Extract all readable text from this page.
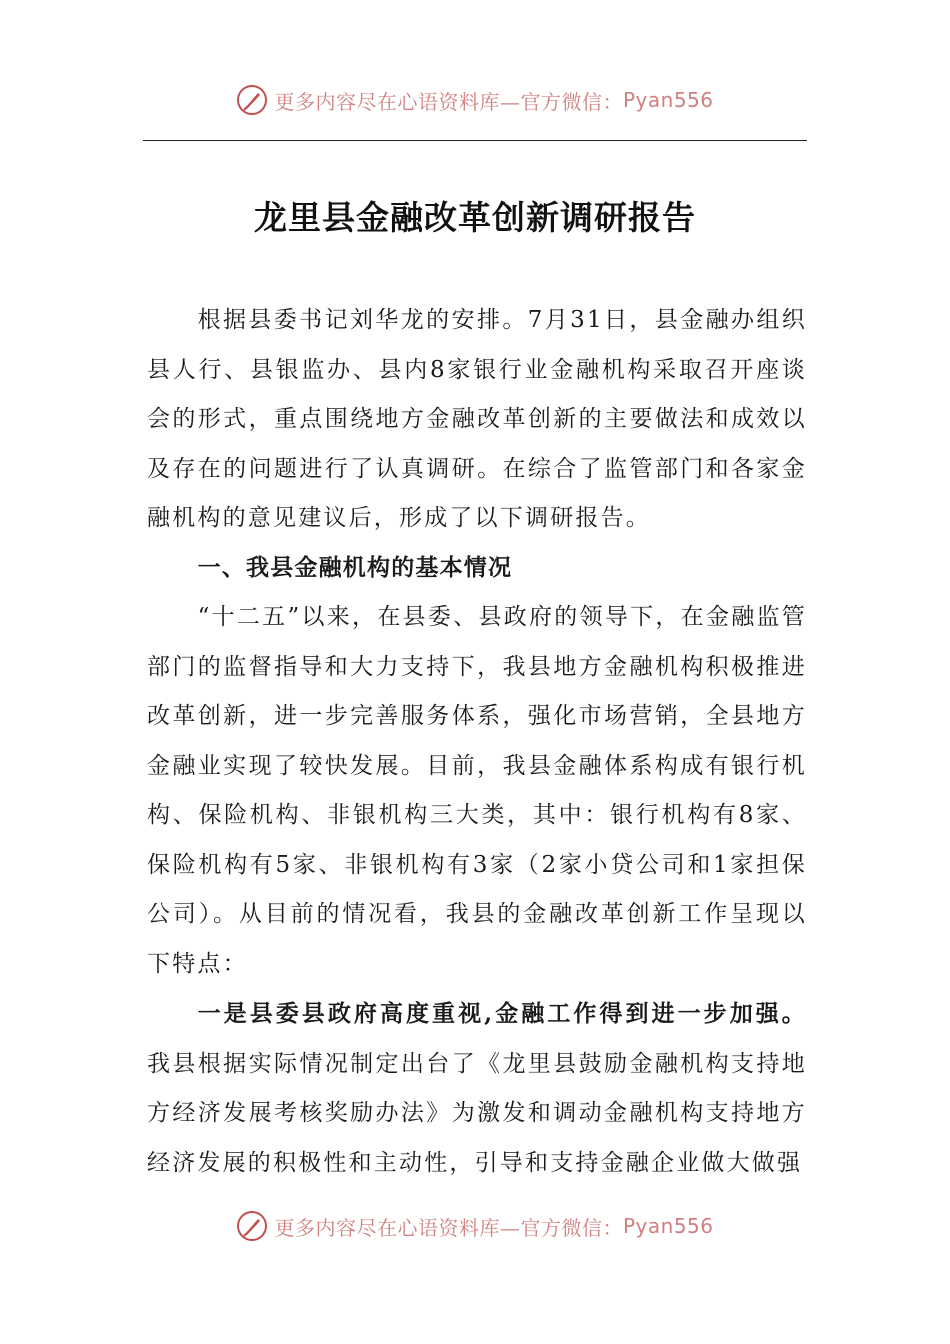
更多内容尽在心语资料库—官方微信： Pyan556
龙里县金融改革创新调研报告

根据县委书记刘华龙的安排。7月31日，县金融办组织县人行、县银监办、县内8家银行业金融机构采取召开座谈会的形式，重点围绕地方金融改革创新的主要做法和成效以及存在的问题进行了认真调研。在综合了监管部门和各家金融机构的意见建议后，形成了以下调研报告。

一、我县金融机构的基本情况

“十二五”以来，在县委、县政府的领导下，在金融监管部门的监督指导和大力支持下，我县地方金融机构积极推进改革创新，进一步完善服务体系，强化市场营销，全县地方金融业实现了较快发展。目前，我县金融体系构成有银行机构、保险机构、非银机构三大类，其中：银行机构有8家、保险机构有5家、非银机构有3家（2家小贷公司和1家担保公司）。从目前的情况看，我县的金融改革创新工作呈现以下特点：

一是县委县政府高度重视,金融工作得到进一步加强。我县根据实际情况制定出台了《龙里县鼓励金融机构支持地方经济发展考核奖励办法》为激发和调动金融机构支持地方经济发展的积极性和主动性，引导和支持金融企业做大做强

更多内容尽在心语资料库—官方微信： Pyan556
